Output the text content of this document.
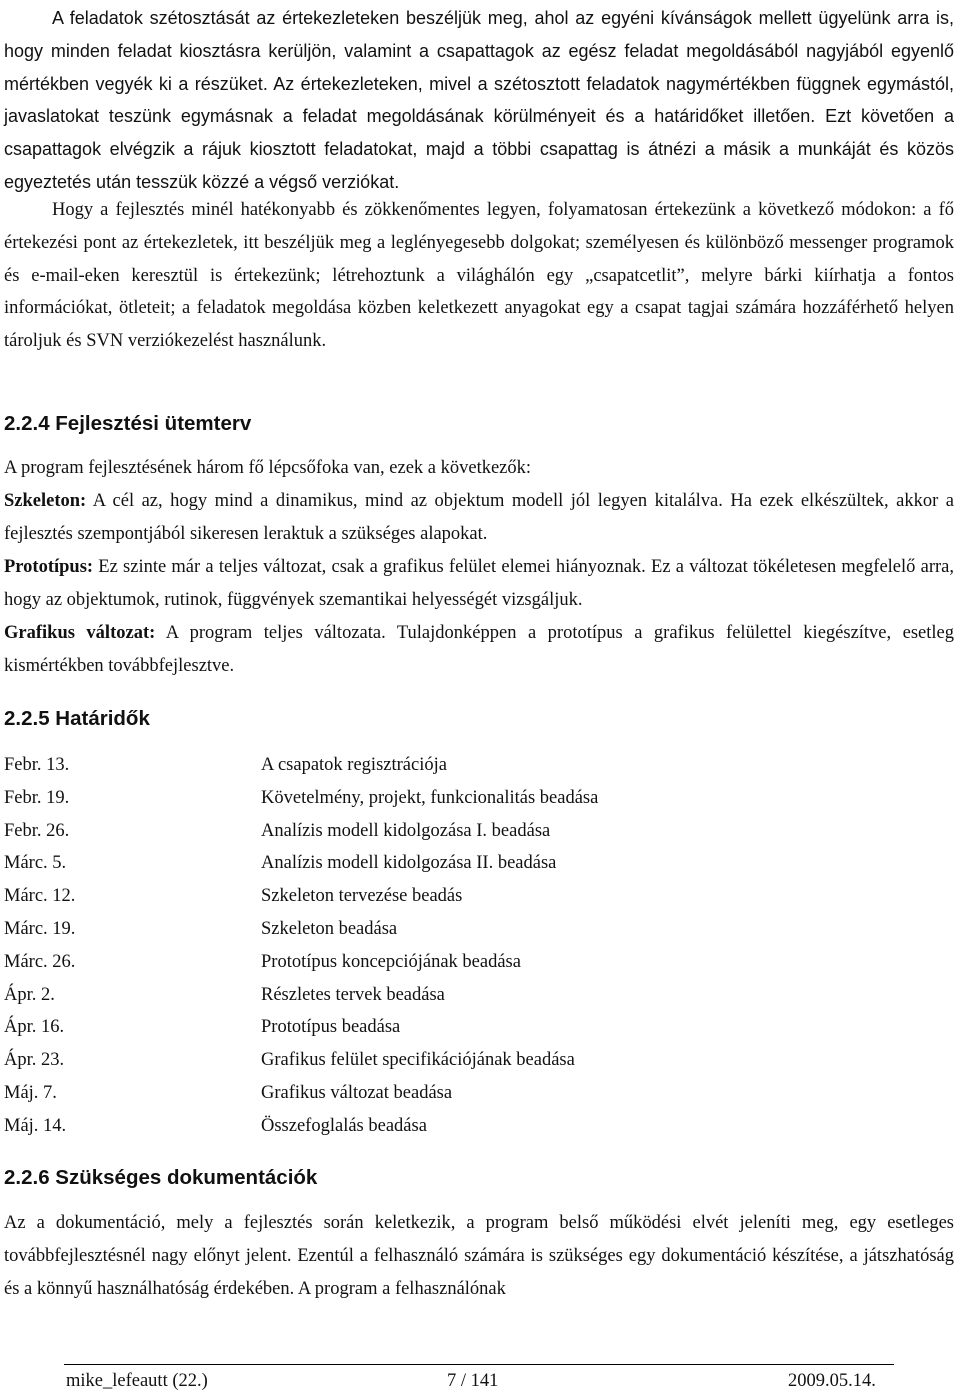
A feladatok szétosztását az értekezleteken beszéljük meg, ahol az egyéni kívánságok mellett ügyelünk arra is, hogy minden feladat kiosztásra kerüljön, valamint a csapattagok az egész feladat megoldásából nagyjából egyenlő mértékben vegyék ki a részüket. Az értekezleteken, mivel a szétosztott feladatok nagymértékben függnek egymástól, javaslatokat teszünk egymásnak a feladat megoldásának körülményeit és a határidőket illetően. Ezt követően a csapattagok elvégzik a rájuk kiosztott feladatokat, majd a többi csapattag is átnézi a másik a munkáját és közös egyeztetés után tesszük közzé a végső verziókat.

Hogy a fejlesztés minél hatékonyabb és zökkenőmentes legyen, folyamatosan értekezünk a következő módokon: a fő értekezési pont az értekezletek, itt beszéljük meg a leglényegesebb dolgokat; személyesen és különböző messenger programok és e-mail-eken keresztül is értekezünk; létrehoztunk a világhálón egy „csapatcetlit”, melyre bárki kiírhatja a fontos információkat, ötleteit; a feladatok megoldása közben keletkezett anyagokat egy a csapat tagjai számára hozzáférhető helyen tároljuk és SVN verziókezelést használunk.

2.2.4 Fejlesztési ütemterv

A program fejlesztésének három fő lépcsőfoka van, ezek a következők:

Szkeleton: A cél az, hogy mind a dinamikus, mind az objektum modell jól legyen kitalálva. Ha ezek elkészültek, akkor a fejlesztés szempontjából sikeresen leraktuk a szükséges alapokat.

Prototípus: Ez szinte már a teljes változat, csak a grafikus felület elemei hiányoznak. Ez a változat tökéletesen megfelelő arra, hogy az objektumok, rutinok, függvények szemantikai helyességét vizsgáljuk.

Grafikus változat: A program teljes változata. Tulajdonképpen a prototípus a grafikus felülettel kiegészítve, esetleg kismértékben továbbfejlesztve.

2.2.5 Határidők
Febr. 13.	A csapatok regisztrációja
Febr. 19.	Követelmény, projekt, funkcionalitás beadása
Febr. 26.	Analízis modell kidolgozása I. beadása
Márc. 5.	Analízis modell kidolgozása II. beadása
Márc. 12.	Szkeleton tervezése beadás
Márc. 19.	Szkeleton beadása
Márc. 26.	Prototípus koncepciójának beadása
Ápr. 2.	Részletes tervek beadása
Ápr. 16.	Prototípus beadása
Ápr. 23.	Grafikus felület specifikációjának beadása
Máj. 7.	Grafikus változat beadása
Máj. 14.	Összefoglalás beadása
2.2.6 Szükséges dokumentációk

Az a dokumentáció, mely a fejlesztés során keletkezik, a program belső működési elvét jeleníti meg, egy esetleges továbbfejlesztésnél nagy előnyt jelent. Ezentúl a felhasználó számára is szükséges egy dokumentáció készítése, a játszhatóság és a könnyű használhatóság érdekében. A program a felhasználónak

mike_lefeautt (22.)	7 / 141	2009.05.14.
